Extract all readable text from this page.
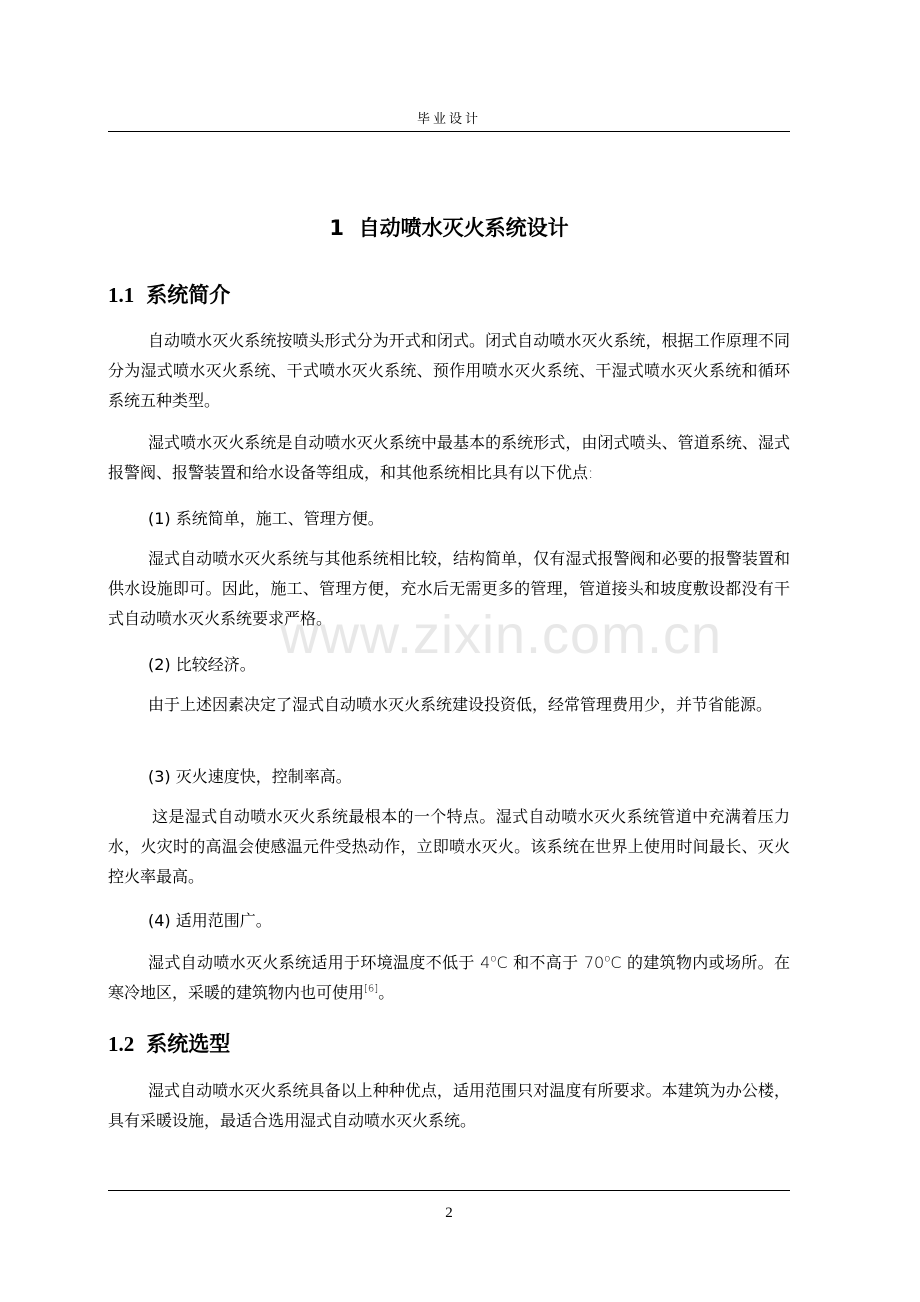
毕业设计
1 自动喷水灭火系统设计
1.1 系统简介

自动喷水灭火系统按喷头形式分为开式和闭式。闭式自动喷水灭火系统，根据工作原理不同分为湿式喷水灭火系统、干式喷水灭火系统、预作用喷水灭火系统、干湿式喷水灭火系统和循环系统五种类型。

湿式喷水灭火系统是自动喷水灭火系统中最基本的系统形式，由闭式喷头、管道系统、湿式报警阀、报警装置和给水设备等组成，和其他系统相比具有以下优点:

(1) 系统简单，施工、管理方便。

湿式自动喷水灭火系统与其他系统相比较，结构简单，仅有湿式报警阀和必要的报警装置和供水设施即可。因此，施工、管理方便，充水后无需更多的管理，管道接头和坡度敷设都没有干式自动喷水灭火系统要求严格。

(2) 比较经济。

由于上述因素决定了湿式自动喷水灭火系统建设投资低，经常管理费用少，并节省能源。

(3) 灭火速度快，控制率高。

这是湿式自动喷水灭火系统最根本的一个特点。湿式自动喷水灭火系统管道中充满着压力水，火灾时的高温会使感温元件受热动作，立即喷水灭火。该系统在世界上使用时间最长、灭火控火率最高。

(4) 适用范围广。

湿式自动喷水灭火系统适用于环境温度不低于 4$^o$C 和不高于 70$^o$C 的建筑物内或场所。在寒冷地区，采暖的建筑物内也可使用[6]。

1.2 系统选型

湿式自动喷水灭火系统具备以上种种优点，适用范围只对温度有所要求。本建筑为办公楼，具有采暖设施，最适合选用湿式自动喷水灭火系统。

www.zixin.com.cn
2
